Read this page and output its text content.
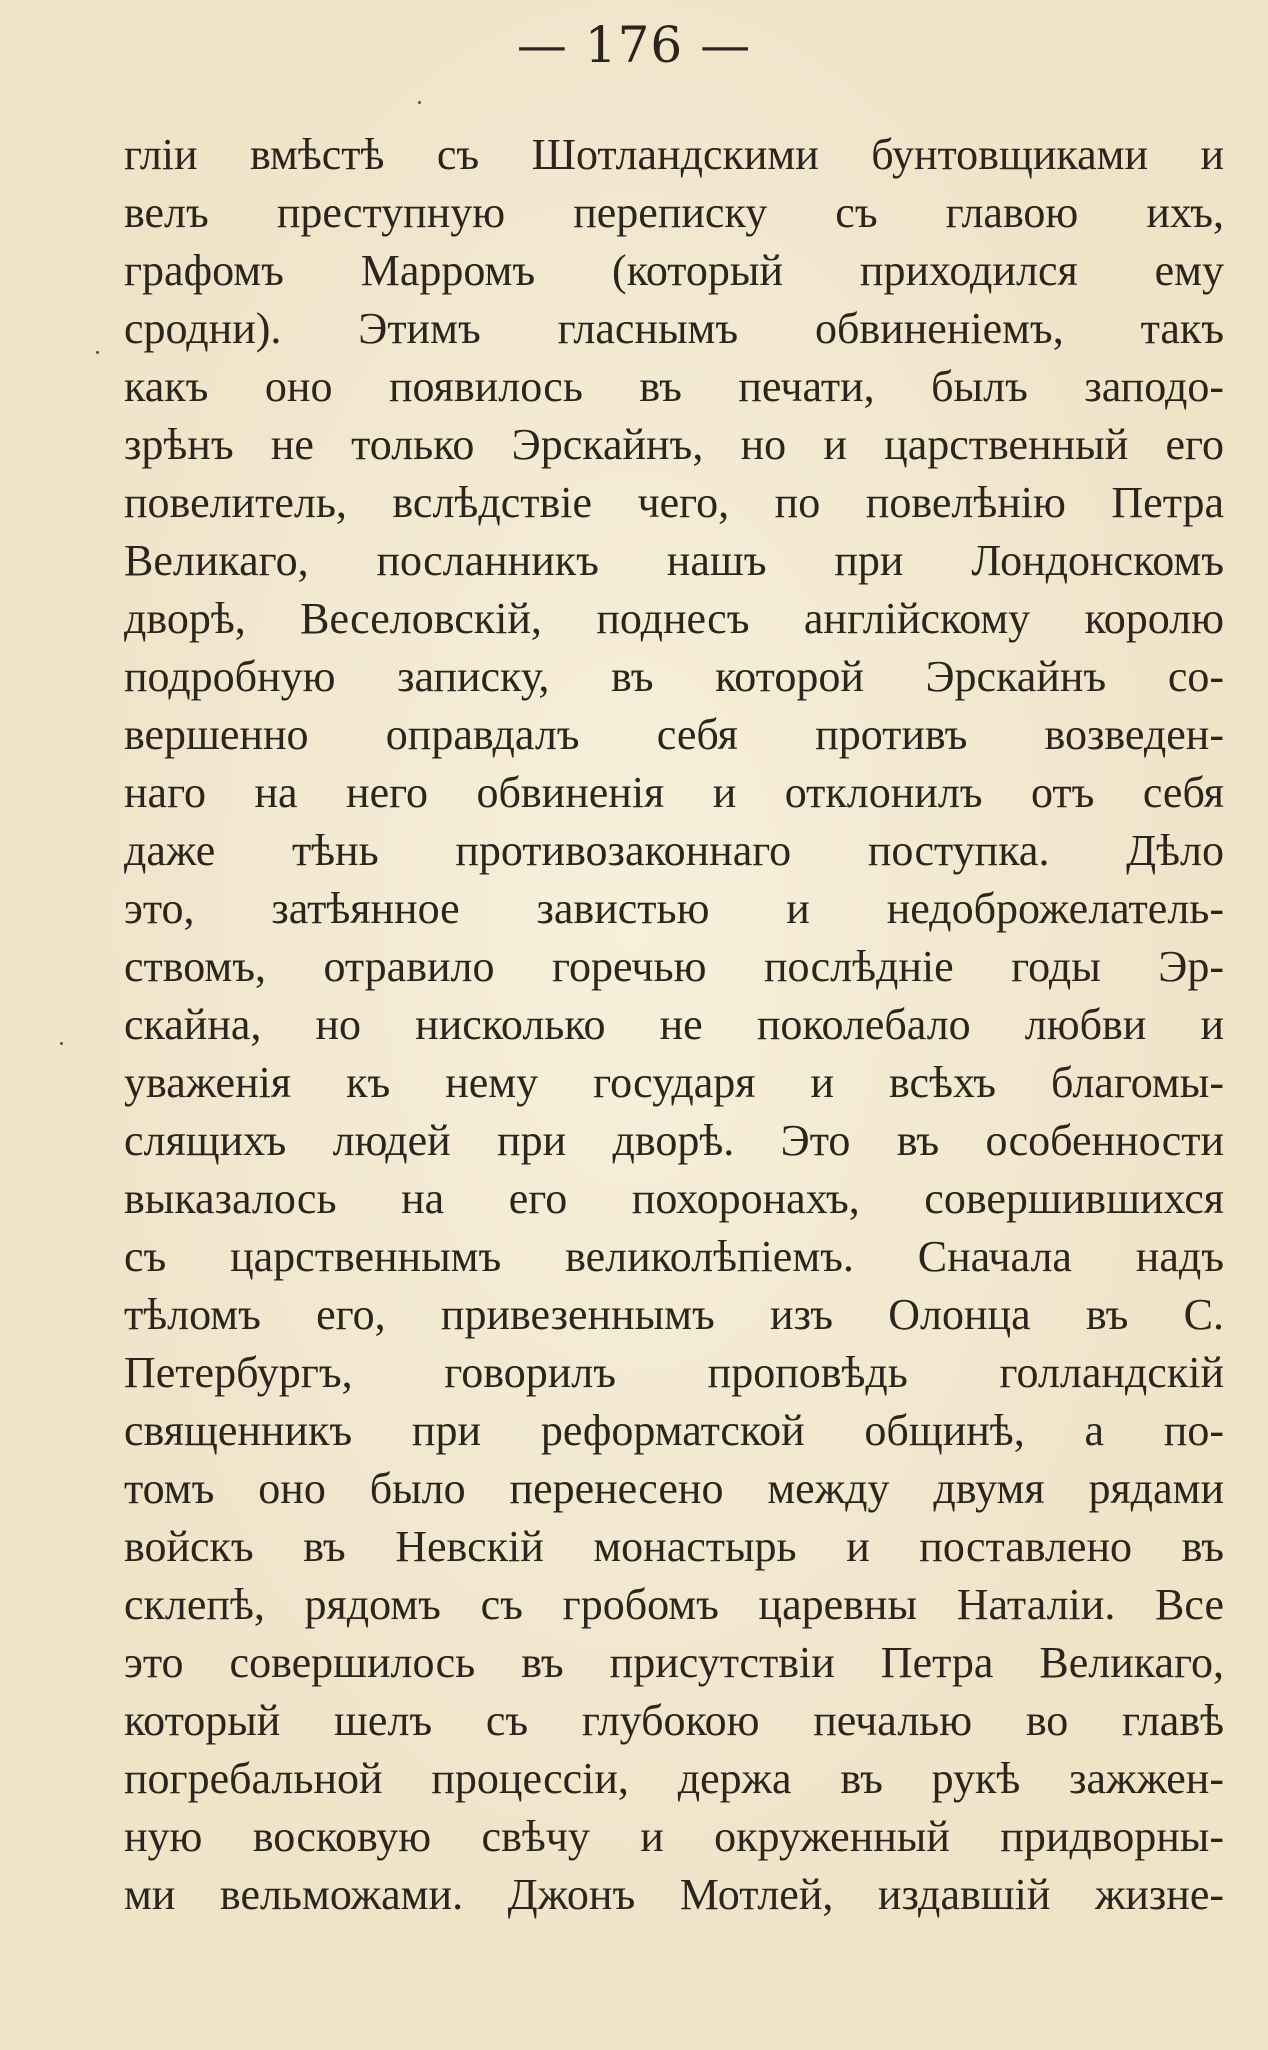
— 176 —
гліи вмѣстѣ съ Шотландскими бунтовщиками и
велъ преступную переписку съ главою ихъ,
графомъ Марромъ (который приходился ему
сродни). Этимъ гласнымъ обвиненіемъ, такъ
какъ оно появилось въ печати, былъ заподо-
зрѣнъ не только Эрскайнъ, но и царственный его
повелитель, вслѣдствіе чего, по повелѣнію Петра
Великаго, посланникъ нашъ при Лондонскомъ
дворѣ, Веселовскій, поднесъ англійскому королю
подробную записку, въ которой Эрскайнъ со-
вершенно оправдалъ себя противъ возведен-
наго на него обвиненія и отклонилъ отъ себя
даже тѣнь противозаконнаго поступка. Дѣло
это, затѣянное завистью и недоброжелатель-
ствомъ, отравило горечью послѣдніе годы Эр-
скайна, но нисколько не поколебало любви и
уваженія къ нему государя и всѣхъ благомы-
слящихъ людей при дворѣ. Это въ особенности
выказалось на его похоронахъ, совершившихся
съ царственнымъ великолѣпіемъ. Сначала надъ
тѣломъ его, привезеннымъ изъ Олонца въ С.
Петербургъ, говорилъ проповѣдь голландскій
священникъ при реформатской общинѣ, а по-
томъ оно было перенесено между двумя рядами
войскъ въ Невскій монастырь и поставлено въ
склепѣ, рядомъ съ гробомъ царевны Наталіи. Все
это совершилось въ присутствіи Петра Великаго,
который шелъ съ глубокою печалью во главѣ
погребальной процессіи, держа въ рукѣ зажжен-
ную восковую свѣчу и окруженный придворны-
ми вельможами. Джонъ Мотлей, издавшій жизне-
